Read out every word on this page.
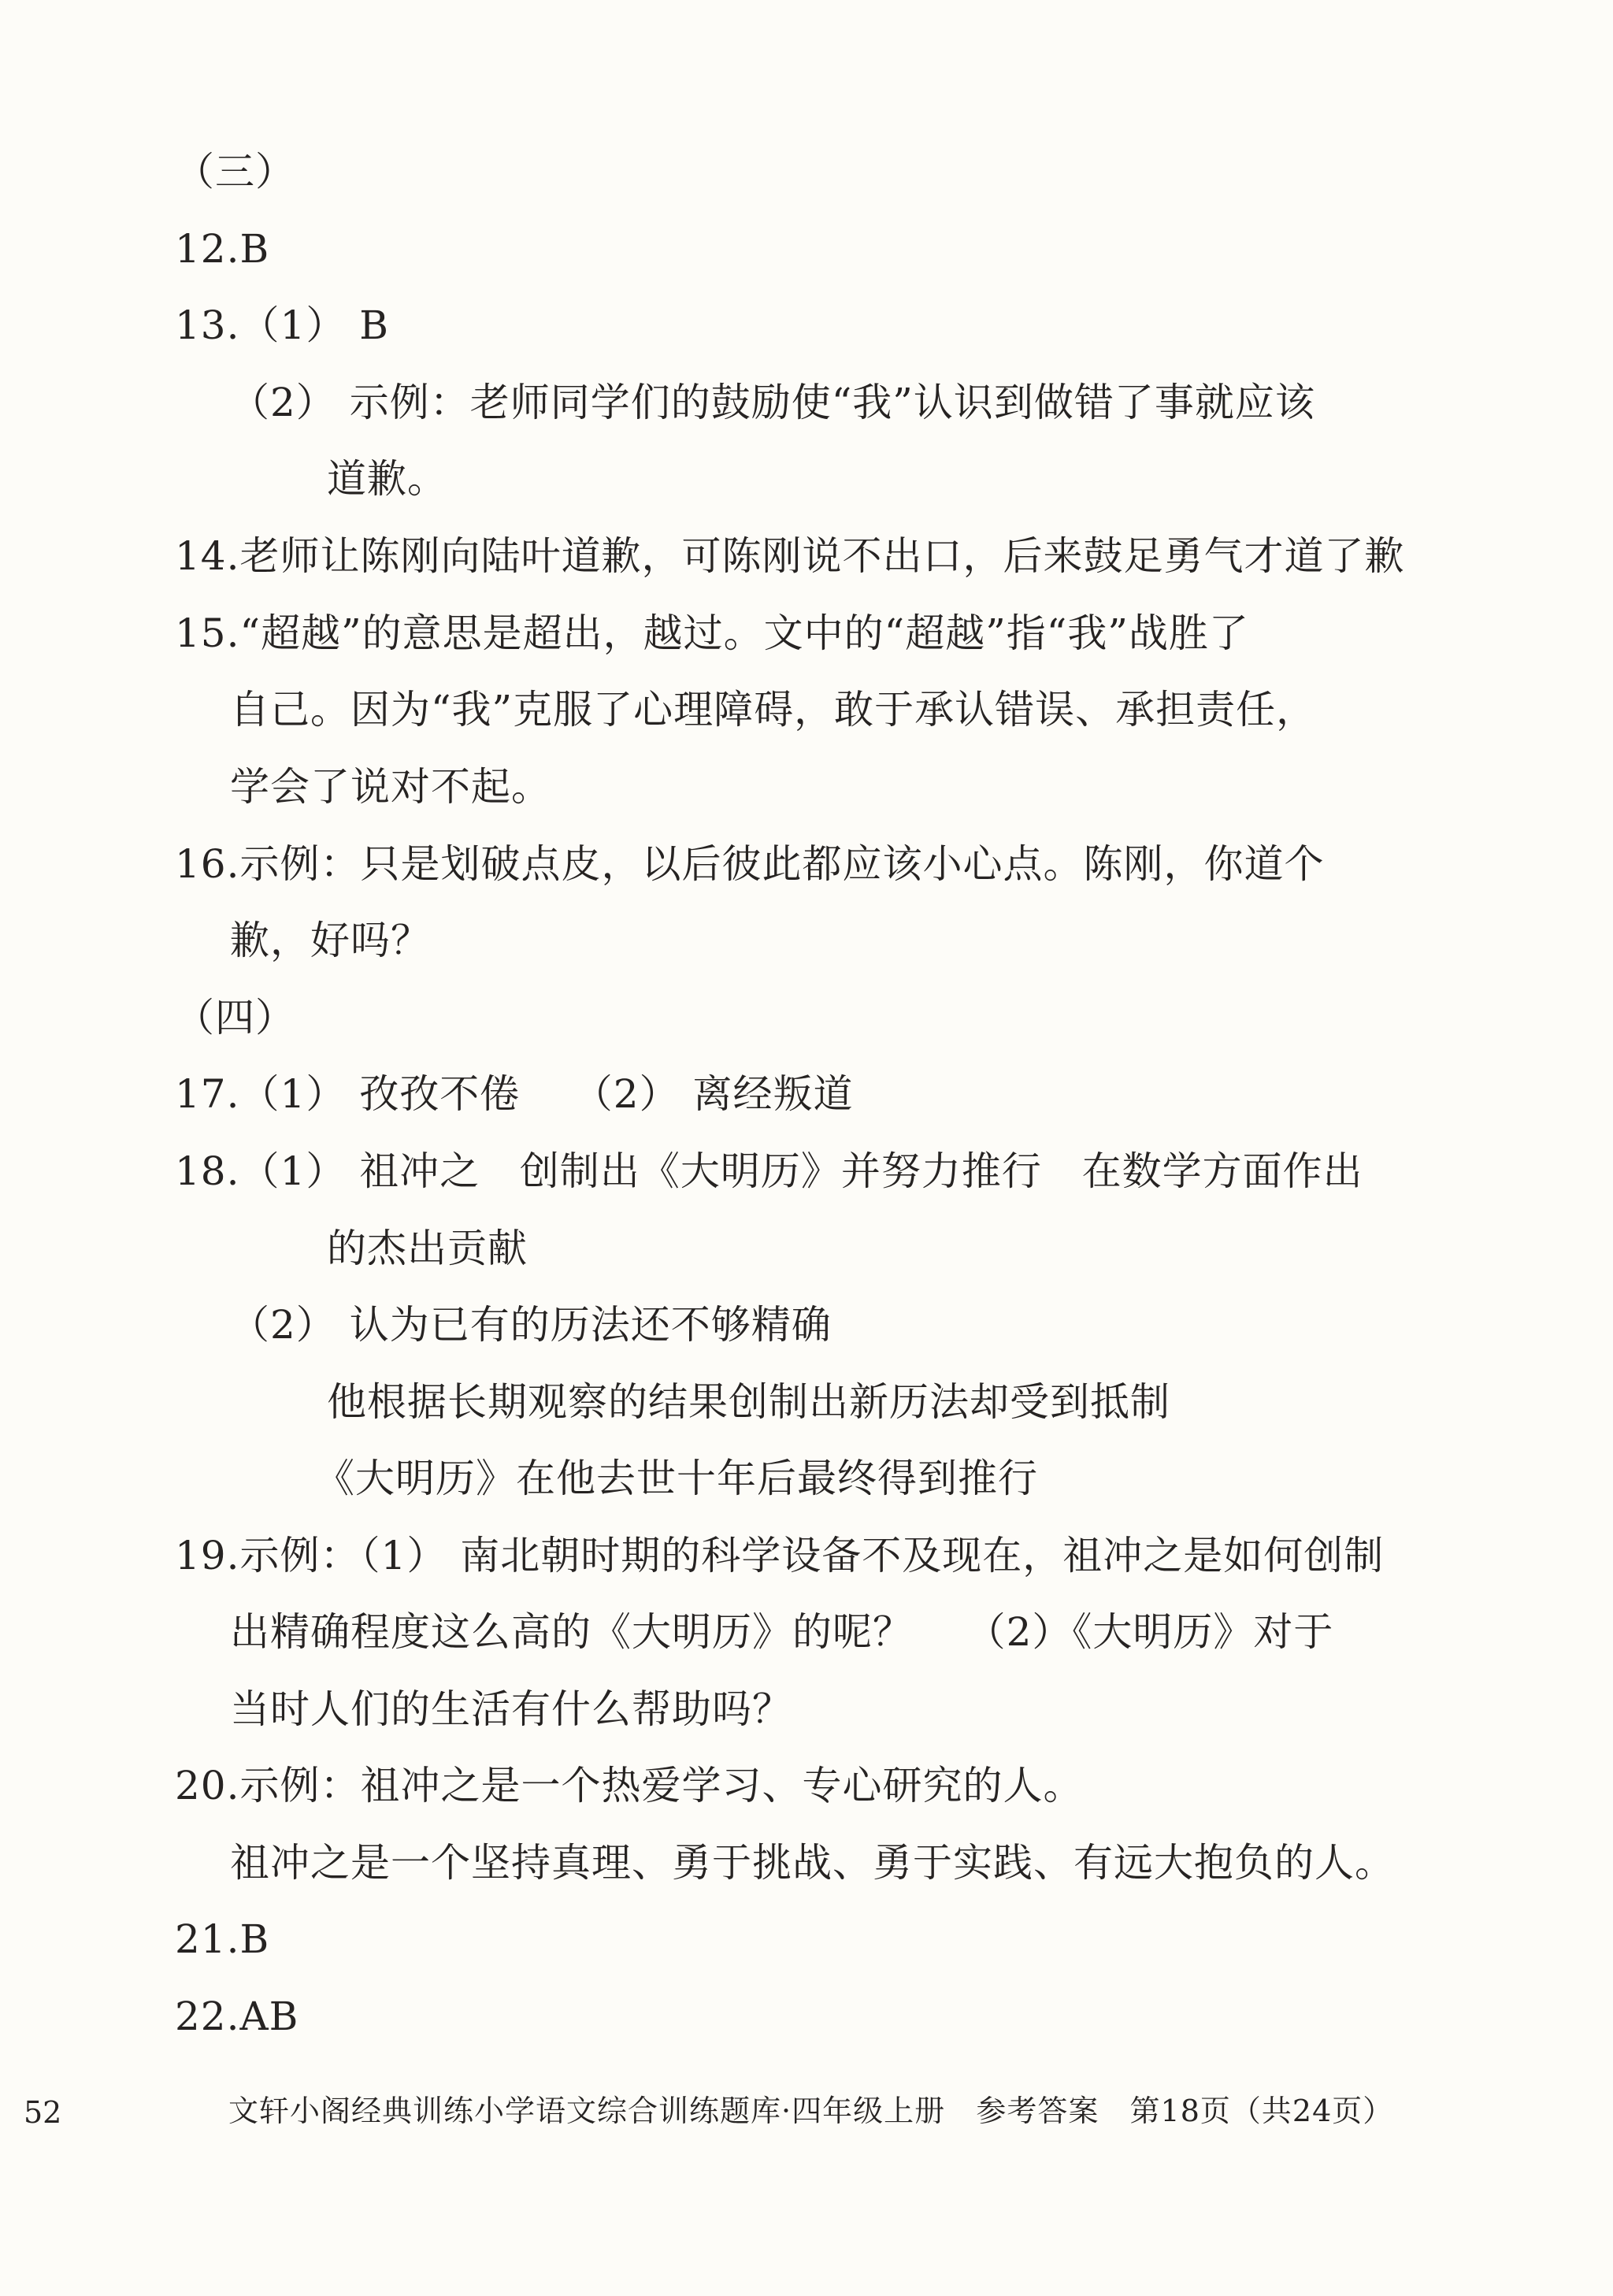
（三）
12.B
13.（1） B
（2） 示例：老师同学们的鼓励使“我”认识到做错了事就应该
道歉。
14.老师让陈刚向陆叶道歉，可陈刚说不出口，后来鼓足勇气才道了歉
15.“超越”的意思是超出，越过。文中的“超越”指“我”战胜了
自己。因为“我”克服了心理障碍，敢于承认错误、承担责任，
学会了说对不起。
16.示例：只是划破点皮，以后彼此都应该小心点。陈刚，你道个
歉，好吗？
（四）
17.（1） 孜孜不倦    （2） 离经叛道
18.（1） 祖冲之   创制出《大明历》并努力推行   在数学方面作出
的杰出贡献
（2） 认为已有的历法还不够精确
他根据长期观察的结果创制出新历法却受到抵制
《大明历》在他去世十年后最终得到推行
19.示例：（1） 南北朝时期的科学设备不及现在，祖冲之是如何创制
出精确程度这么高的《大明历》的呢？    （2）《大明历》对于
当时人们的生活有什么帮助吗？
20.示例：祖冲之是一个热爱学习、专心研究的人。
祖冲之是一个坚持真理、勇于挑战、勇于实践、有远大抱负的人。
21.B
22.AB
52	文轩小阁经典训练小学语文综合训练题库·四年级上册   参考答案   第18页（共24页）
